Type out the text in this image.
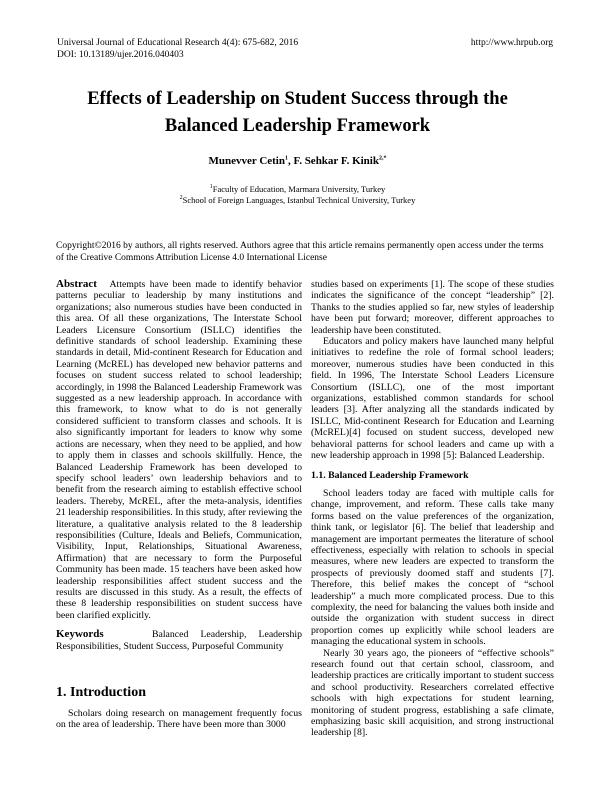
Universal Journal of Educational Research 4(4): 675-682, 2016
DOI: 10.13189/ujer.2016.040403
http://www.hrpub.org
Effects of Leadership on Student Success through the
Balanced Leadership Framework
Munevver Cetin$^1$, F. Sehkar F. Kinik$^{2,*}$
$^1$Faculty of Education, Marmara University, Turkey
$^2$School of Foreign Languages, Istanbul Technical University, Turkey
Copyright©2016 by authors, all rights reserved. Authors agree that this article remains permanently open access under the terms of the Creative Commons Attribution License 4.0 International License

Abstract Attempts have been made to identify behavior patterns peculiar to leadership by many institutions and organizations; also numerous studies have been conducted in this area. Of all these organizations, The Interstate School Leaders Licensure Consortium (ISLLC) identifies the definitive standards of school leadership. Examining these standards in detail, Mid-continent Research for Education and Learning (McREL) has developed new behavior patterns and focuses on student success related to school leadership; accordingly, in 1998 the Balanced Leadership Framework was suggested as a new leadership approach. In accordance with this framework, to know what to do is not generally considered sufficient to transform classes and schools. It is also significantly important for leaders to know why some actions are necessary, when they need to be applied, and how to apply them in classes and schools skillfully. Hence, the Balanced Leadership Framework has been developed to specify school leaders’ own leadership behaviors and to benefit from the research aiming to establish effective school leaders. Thereby, McREL, after the meta-analysis, identifies 21 leadership responsibilities. In this study, after reviewing the literature, a qualitative analysis related to the 8 leadership responsibilities (Culture, Ideals and Beliefs, Communication, Visibility, Input, Relationships, Situational Awareness, Affirmation) that are necessary to form the Purposeful Community has been made. 15 teachers have been asked how leadership responsibilities affect student success and the results are discussed in this study. As a result, the effects of these 8 leadership responsibilities on student success have been clarified explicitly.

Keywords	Balanced Leadership, Leadership Responsibilities, Student Success, Purposeful Community

1. Introduction

Scholars doing research on management frequently focus on the area of leadership. There have been more than 3000

studies based on experiments [1]. The scope of these studies indicates the significance of the concept “leadership” [2]. Thanks to the studies applied so far, new styles of leadership have been put forward; moreover, different approaches to leadership have been constituted.

Educators and policy makers have launched many helpful initiatives to redefine the role of formal school leaders; moreover, numerous studies have been conducted in this field. In 1996, The Interstate School Leaders Licensure Consortium (ISLLC), one of the most important organizations, established common standards for school leaders [3]. After analyzing all the standards indicated by ISLLC, Mid-continent Research for Education and Learning (McREL)[4] focused on student success, developed new behavioral patterns for school leaders and came up with a new leadership approach in 1998 [5]: Balanced Leadership.

1.1. Balanced Leadership Framework

School leaders today are faced with multiple calls for change, improvement, and reform. These calls take many forms based on the value preferences of the organization, think tank, or legislator [6]. The belief that leadership and management are important permeates the literature of school effectiveness, especially with relation to schools in special measures, where new leaders are expected to transform the prospects of previously doomed staff and students [7]. Therefore, this belief makes the concept of “school leadership” a much more complicated process. Due to this complexity, the need for balancing the values both inside and outside the organization with student success in direct proportion comes up explicitly while school leaders are managing the educational system in schools.

Nearly 30 years ago, the pioneers of “effective schools” research found out that certain school, classroom, and leadership practices are critically important to student success and school productivity. Researchers correlated effective schools with high expectations for student learning, monitoring of student progress, establishing a safe climate, emphasizing basic skill acquisition, and strong instructional leadership [8].
